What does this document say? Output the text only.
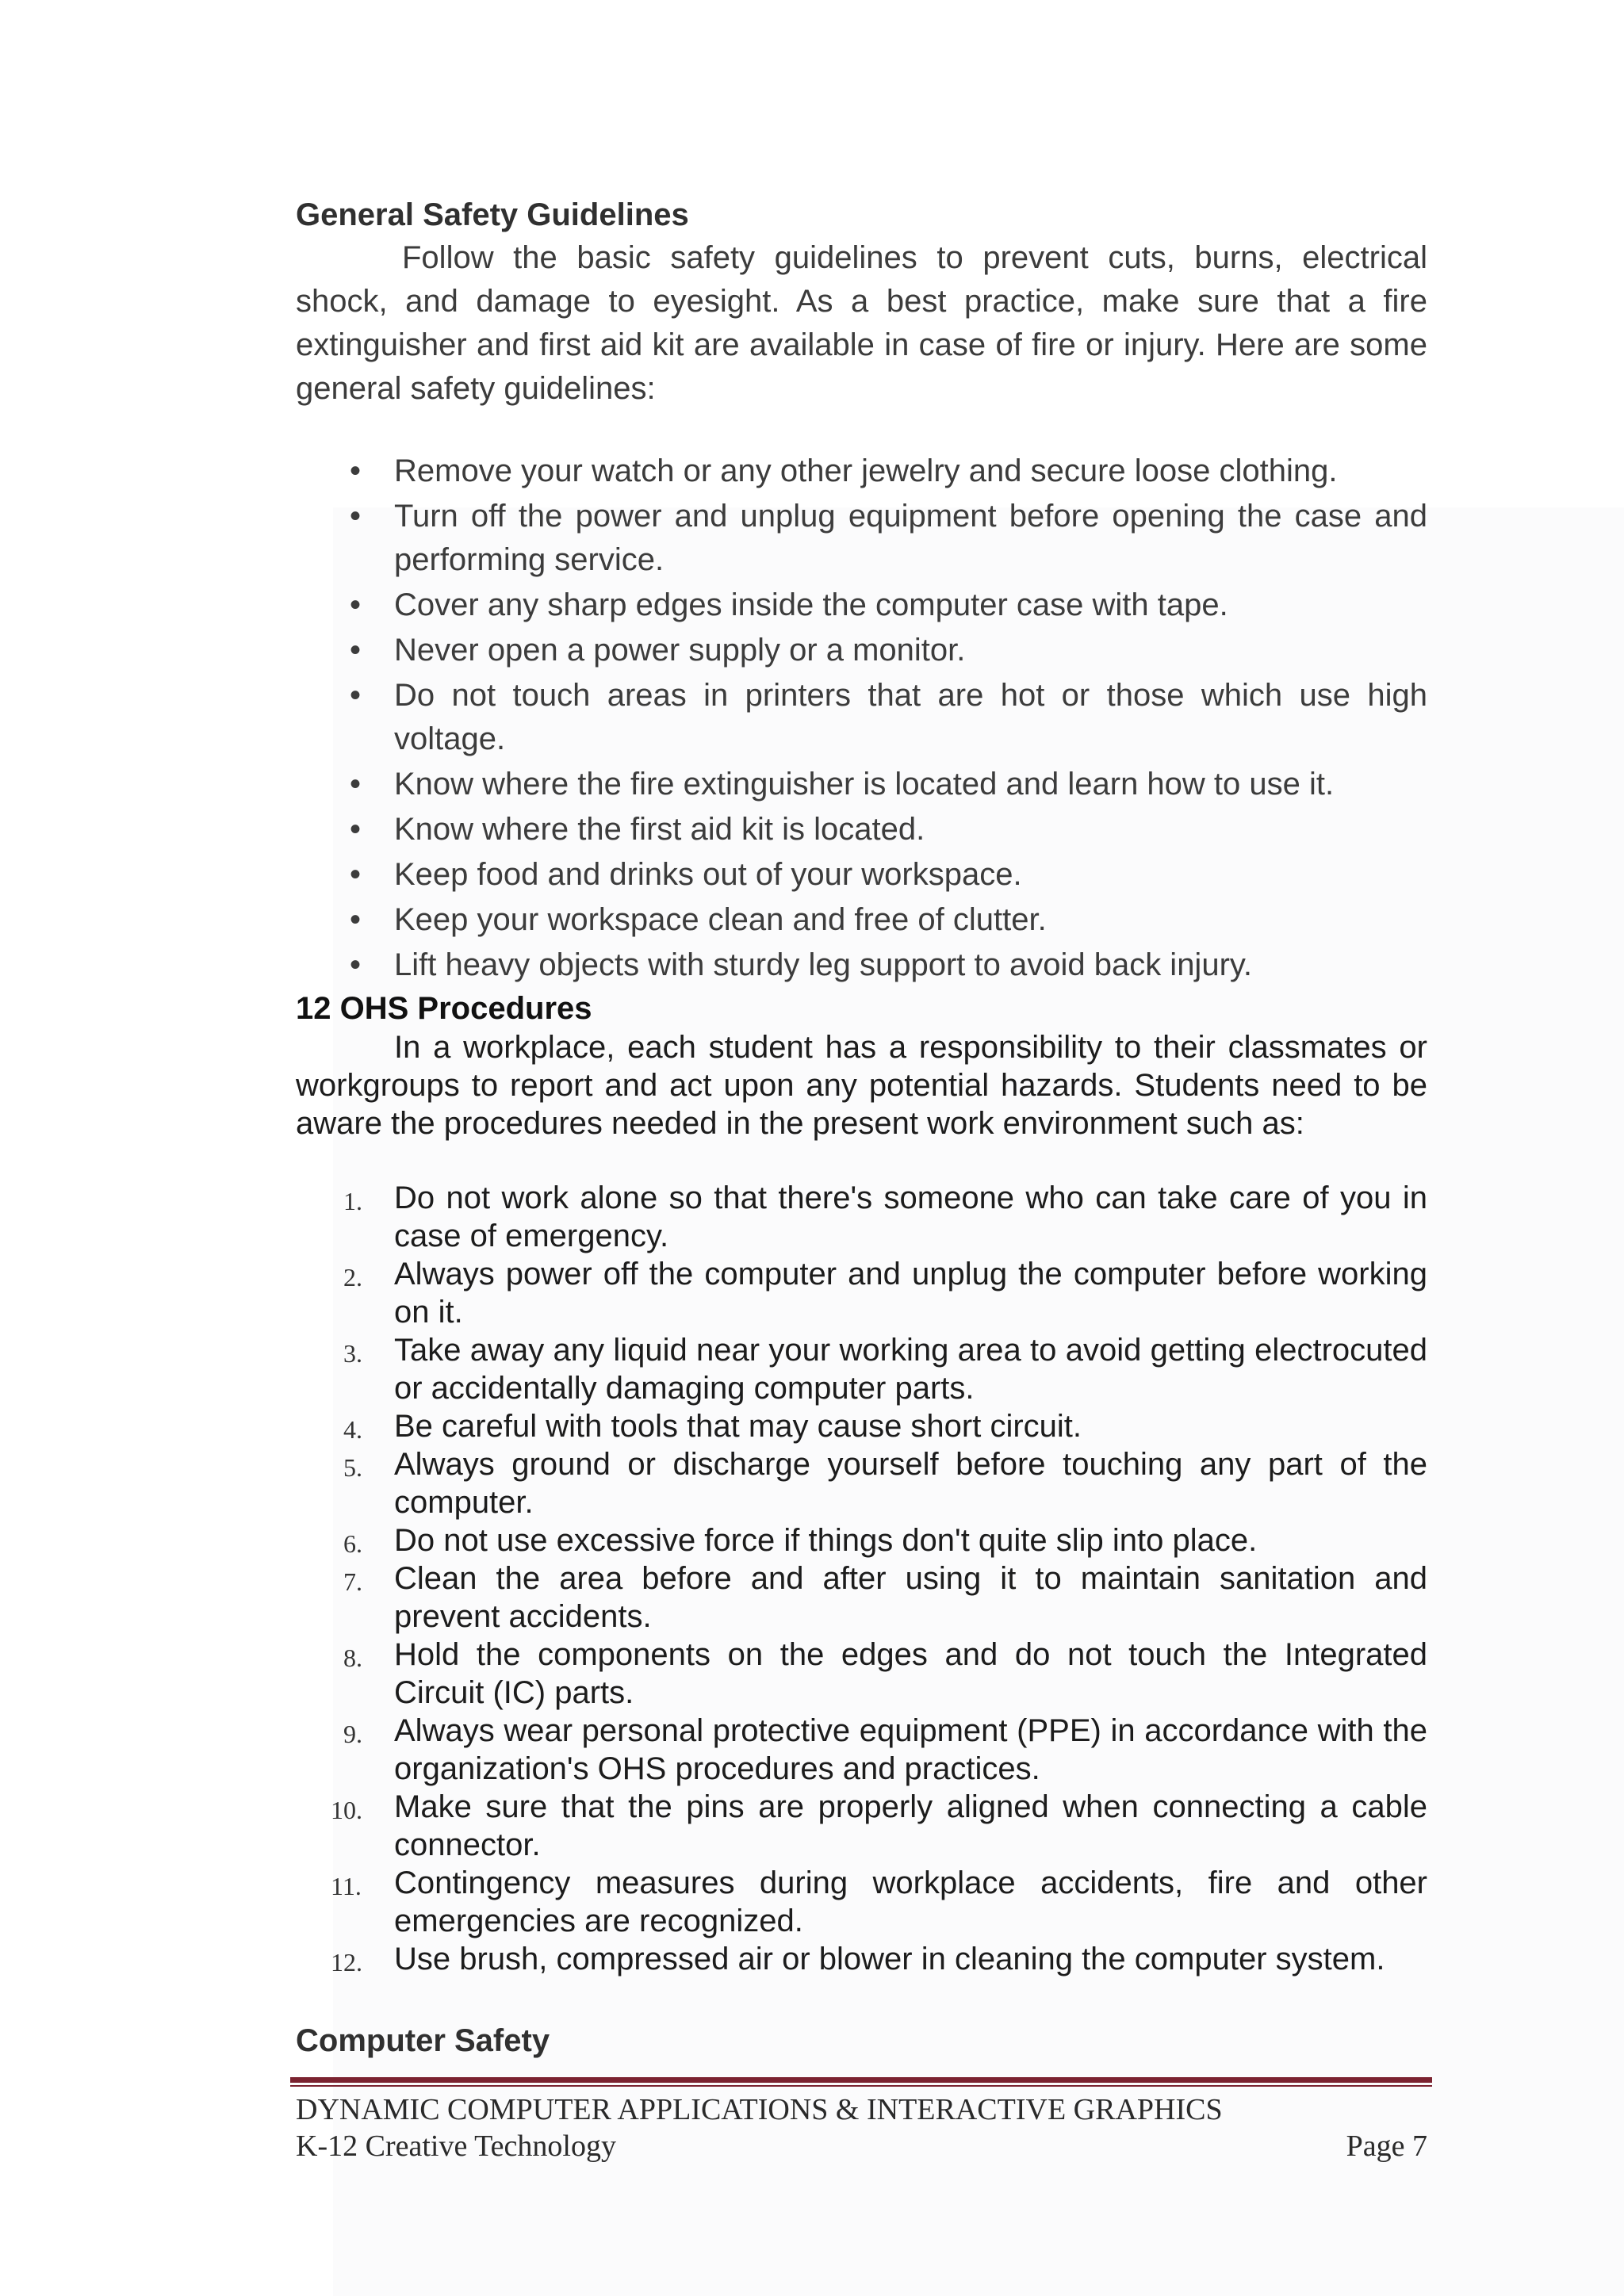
General Safety Guidelines

Follow the basic safety guidelines to prevent cuts, burns, electrical shock, and damage to eyesight. As a best practice, make sure that a fire extinguisher and first aid kit are available in case of fire or injury. Here are some general safety guidelines:

• Remove your watch or any other jewelry and secure loose clothing.
• Turn off the power and unplug equipment before opening the case and performing service.
• Cover any sharp edges inside the computer case with tape.
• Never open a power supply or a monitor.
• Do not touch areas in printers that are hot or those which use high voltage.
• Know where the fire extinguisher is located and learn how to use it.
• Know where the first aid kit is located.
• Keep food and drinks out of your workspace.
• Keep your workspace clean and free of clutter.
• Lift heavy objects with sturdy leg support to avoid back injury.
12 OHS Procedures

In a workplace, each student has a responsibility to their classmates or workgroups to report and act upon any potential hazards. Students need to be aware the procedures needed in the present work environment such as:

1. Do not work alone so that there's someone who can take care of you in case of emergency.
2. Always power off the computer and unplug the computer before working on it.
3. Take away any liquid near your working area to avoid getting electrocuted or accidentally damaging computer parts.
4. Be careful with tools that may cause short circuit.
5. Always ground or discharge yourself before touching any part of the computer.
6. Do not use excessive force if things don't quite slip into place.
7. Clean the area before and after using it to maintain sanitation and prevent accidents.
8. Hold the components on the edges and do not touch the Integrated Circuit (IC) parts.
9. Always wear personal protective equipment (PPE) in accordance with the organization's OHS procedures and practices.
10. Make sure that the pins are properly aligned when connecting a cable connector.
11. Contingency measures during workplace accidents, fire and other emergencies are recognized.
12. Use brush, compressed air or blower in cleaning the computer system.
Computer Safety
DYNAMIC COMPUTER APPLICATIONS & INTERACTIVE GRAPHICS
K-12 Creative Technology	Page 7
